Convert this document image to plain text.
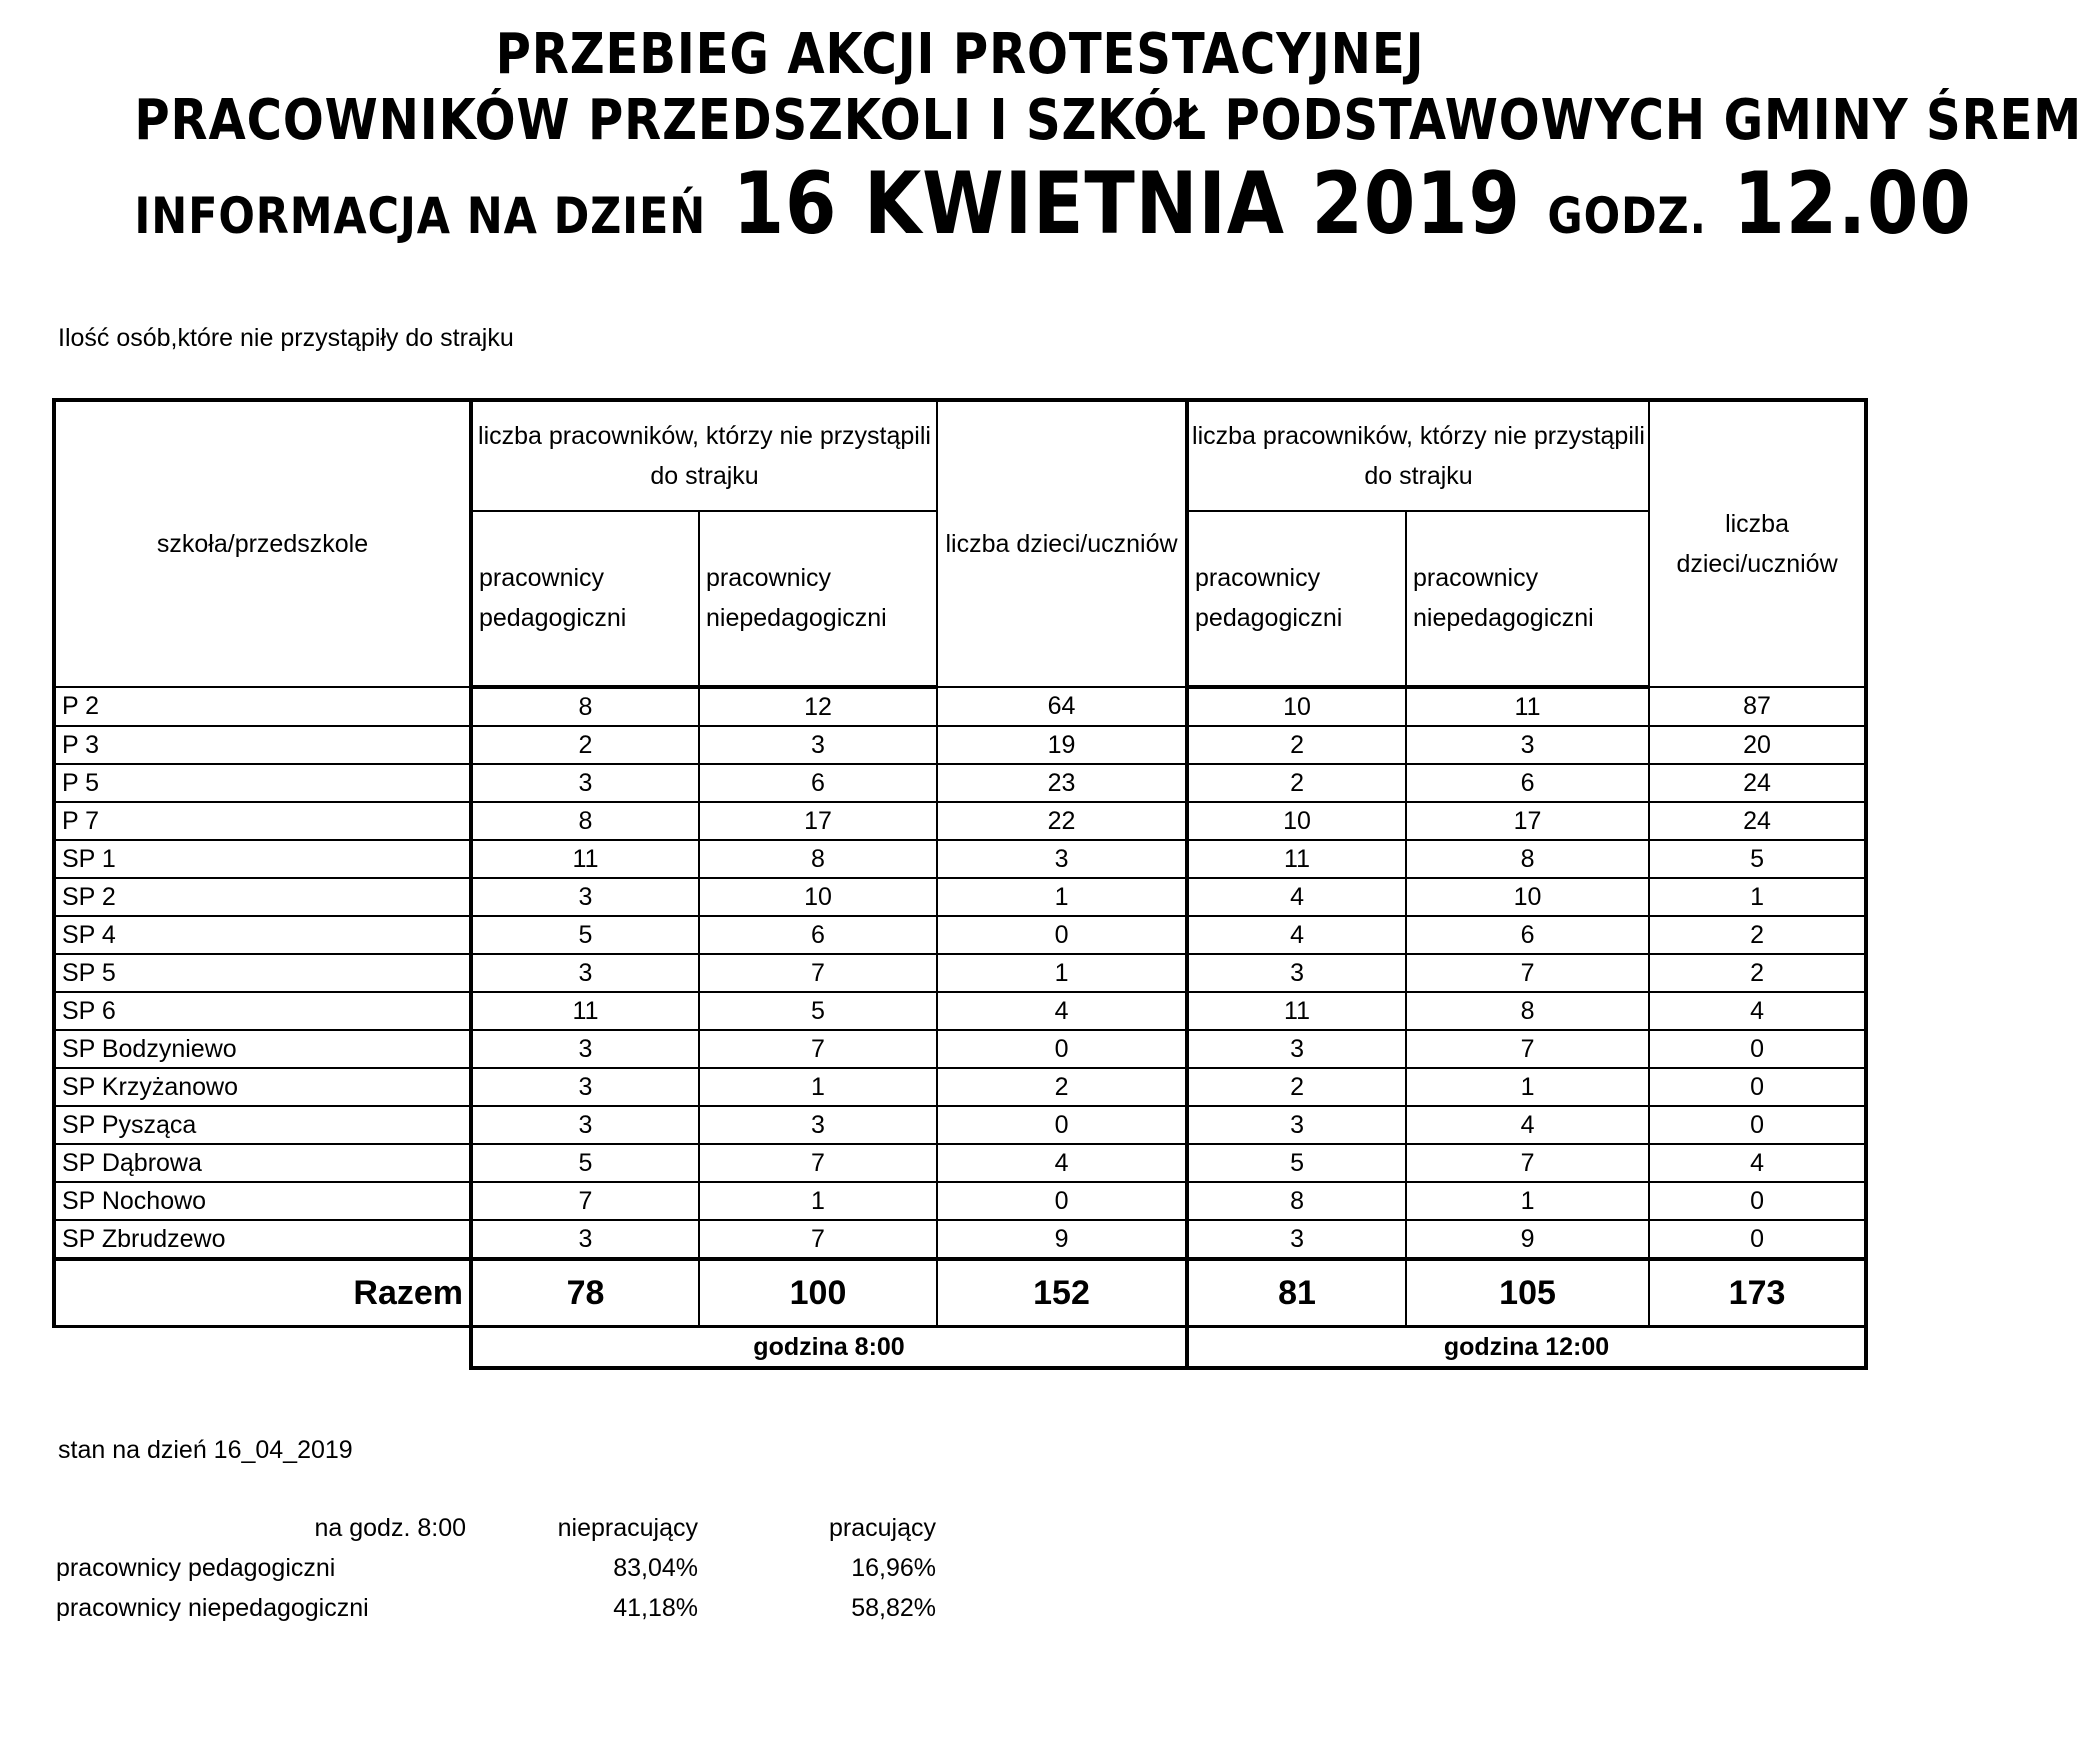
PRZEBIEG AKCJI PROTESTACYJNEJ
PRACOWNIKÓW PRZEDSZKOLI I SZKÓŁ PODSTAWOWYCH GMINY ŚREM
INFORMACJA NA DZIEŃ 16 KWIETNIA 2019 GODZ. 12.00
Ilość osób,które nie przystąpiły do strajku
szkoła/przedszkole	liczba pracowników, którzy nie przystąpili do strajku		liczba dzieci/uczniów	liczba pracowników, którzy nie przystąpili do strajku		liczba dzieci/uczniów
	pracownicy pedagogiczni	pracownicy niepedagogiczni		pracownicy pedagogiczni	pracownicy niepedagogiczni	
P 2	8	12	64	10	11	87
P 3	2	3	19	2	3	20
P 5	3	6	23	2	6	24
P 7	8	17	22	10	17	24
SP 1	11	8	3	11	8	5
SP 2	3	10	1	4	10	1
SP 4	5	6	0	4	6	2
SP 5	3	7	1	3	7	2
SP 6	11	5	4	11	8	4
SP Bodzyniewo	3	7	0	3	7	0
SP Krzyżanowo	3	1	2	2	1	0
SP Pysząca	3	3	0	3	4	0
SP Dąbrowa	5	7	4	5	7	4
SP Nochowo	7	1	0	8	1	0
SP Zbrudzewo	3	7	9	3	9	0
Razem	78	100	152	81	105	173
	godzina 8:00			godzina 12:00		
stan na dzień 16_04_2019
na godz. 8:00	niepracujący	pracujący
pracownicy pedagogiczni	83,04%	16,96%
pracownicy niepedagogiczni	41,18%	58,82%
